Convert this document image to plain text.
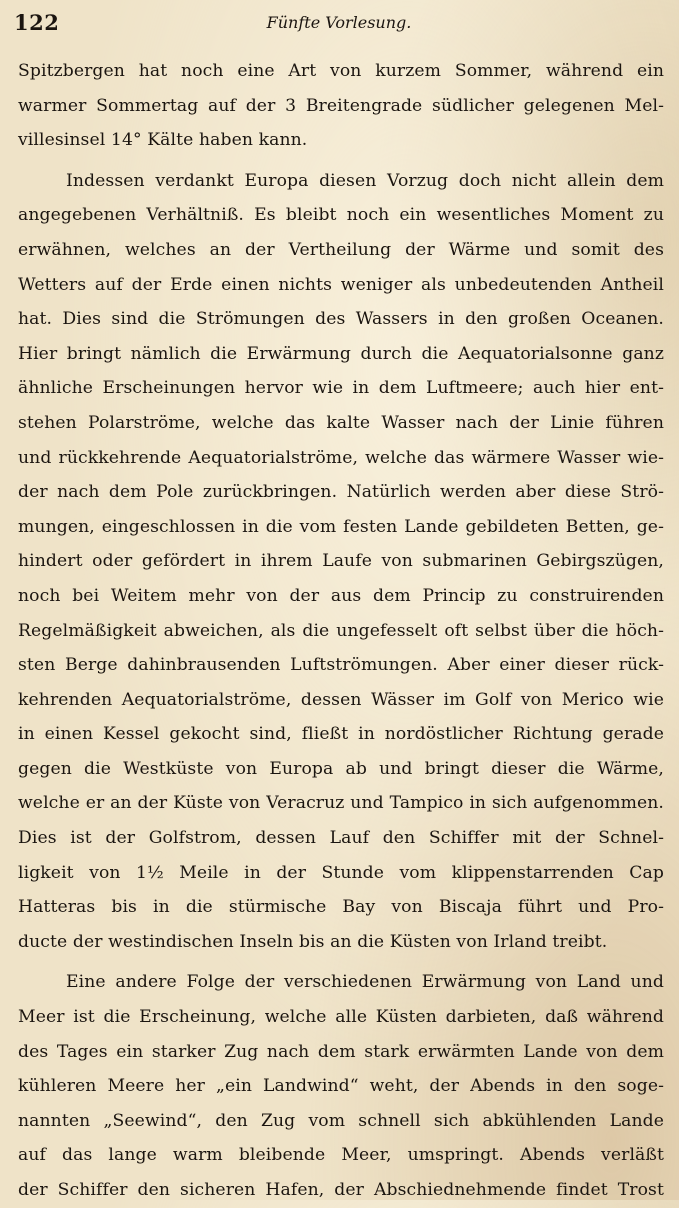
122	Fünfte Vorlesung.
Spitzbergen hat noch eine Art von kurzem Sommer, während ein
warmer Sommertag auf der 3 Breitengrade südlicher gelegenen Mel-
villesinsel 14° Kälte haben kann.
Indessen verdankt Europa diesen Vorzug doch nicht allein dem
angegebenen Verhältniß. Es bleibt noch ein wesentliches Moment zu
erwähnen, welches an der Vertheilung der Wärme und somit des
Wetters auf der Erde einen nichts weniger als unbedeutenden Antheil
hat. Dies sind die Strömungen des Wassers in den großen Oceanen.
Hier bringt nämlich die Erwärmung durch die Aequatorialsonne ganz
ähnliche Erscheinungen hervor wie in dem Luftmeere; auch hier ent-
stehen Polarströme, welche das kalte Wasser nach der Linie führen
und rückkehrende Aequatorialströme, welche das wärmere Wasser wie-
der nach dem Pole zurückbringen. Natürlich werden aber diese Strö-
mungen, eingeschlossen in die vom festen Lande gebildeten Betten, ge-
hindert oder gefördert in ihrem Laufe von submarinen Gebirgszügen,
noch bei Weitem mehr von der aus dem Princip zu construirenden
Regelmäßigkeit abweichen, als die ungefesselt oft selbst über die höch-
sten Berge dahinbrausenden Luftströmungen. Aber einer dieser rück-
kehrenden Aequatorialströme, dessen Wässer im Golf von Merico wie
in einen Kessel gekocht sind, fließt in nordöstlicher Richtung gerade
gegen die Westküste von Europa ab und bringt dieser die Wärme,
welche er an der Küste von Veracruz und Tampico in sich aufgenommen.
Dies ist der Golfstrom, dessen Lauf den Schiffer mit der Schnel-
ligkeit von 1½ Meile in der Stunde vom klippenstarrenden Cap
Hatteras bis in die stürmische Bay von Biscaja führt und Pro-
ducte der westindischen Inseln bis an die Küsten von Irland treibt.
Eine andere Folge der verschiedenen Erwärmung von Land und
Meer ist die Erscheinung, welche alle Küsten darbieten, daß während
des Tages ein starker Zug nach dem stark erwärmten Lande von dem
kühleren Meere her „ein Landwind“ weht, der Abends in den soge-
nannten „Seewind“, den Zug vom schnell sich abkühlenden Lande
auf das lange warm bleibende Meer, umspringt. Abends verläßt
der Schiffer den sicheren Hafen, der Abschiednehmende findet Trost
